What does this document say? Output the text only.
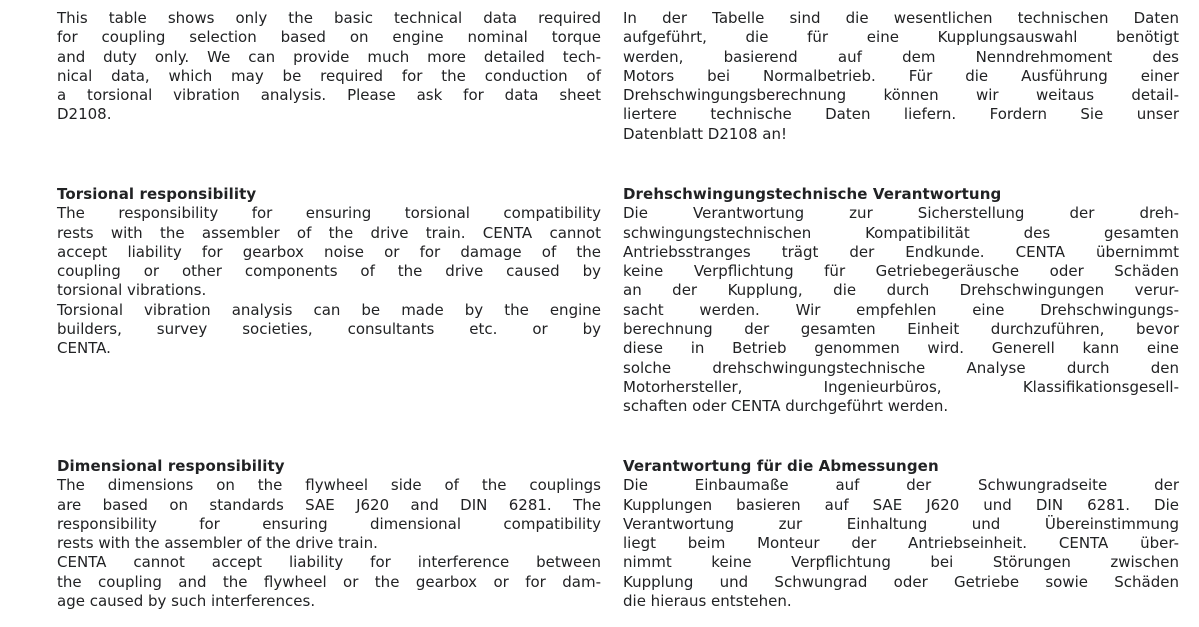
This table shows only the basic technical data required
for coupling selection based on engine nominal torque
and duty only. We can provide much more detailed tech-
nical data, which may be required for the conduction of
a torsional vibration analysis. Please ask for data sheet
D2108.
In der Tabelle sind die wesentlichen technischen Daten
aufgeführt, die für eine Kupplungsauswahl benötigt
werden, basierend auf dem Nenndrehmoment des
Motors bei Normalbetrieb. Für die Ausführung einer
Drehschwingungsberechnung können wir weitaus detail-
liertere technische Daten liefern. Fordern Sie unser
Datenblatt D2108 an!
Torsional responsibility
The responsibility for ensuring torsional compatibility
rests with the assembler of the drive train. CENTA cannot
accept liability for gearbox noise or for damage of the
coupling or other components of the drive caused by
torsional vibrations.
Torsional vibration analysis can be made by the engine
builders, survey societies, consultants etc. or by
CENTA.
Drehschwingungstechnische Verantwortung
Die Verantwortung zur Sicherstellung der dreh-
schwingungstechnischen Kompatibilität des gesamten
Antriebsstranges trägt der Endkunde. CENTA übernimmt
keine Verpflichtung für Getriebegeräusche oder Schäden
an der Kupplung, die durch Drehschwingungen verur-
sacht werden. Wir empfehlen eine Drehschwingungs-
berechnung der gesamten Einheit durchzuführen, bevor
diese in Betrieb genommen wird. Generell kann eine
solche drehschwingungstechnische Analyse durch den
Motorhersteller, Ingenieurbüros, Klassifikationsgesell-
schaften oder CENTA durchgeführt werden.
Dimensional responsibility
The dimensions on the flywheel side of the couplings
are based on standards SAE J620 and DIN 6281. The
responsibility for ensuring dimensional compatibility
rests with the assembler of the drive train.
CENTA cannot accept liability for interference between
the coupling and the flywheel or the gearbox or for dam-
age caused by such interferences.
Verantwortung für die Abmessungen
Die Einbaumaße auf der Schwungradseite der
Kupplungen basieren auf SAE J620 und DIN 6281. Die
Verantwortung zur Einhaltung und Übereinstimmung
liegt beim Monteur der Antriebseinheit. CENTA über-
nimmt keine Verpflichtung bei Störungen zwischen
Kupplung und Schwungrad oder Getriebe sowie Schäden
die hieraus entstehen.
